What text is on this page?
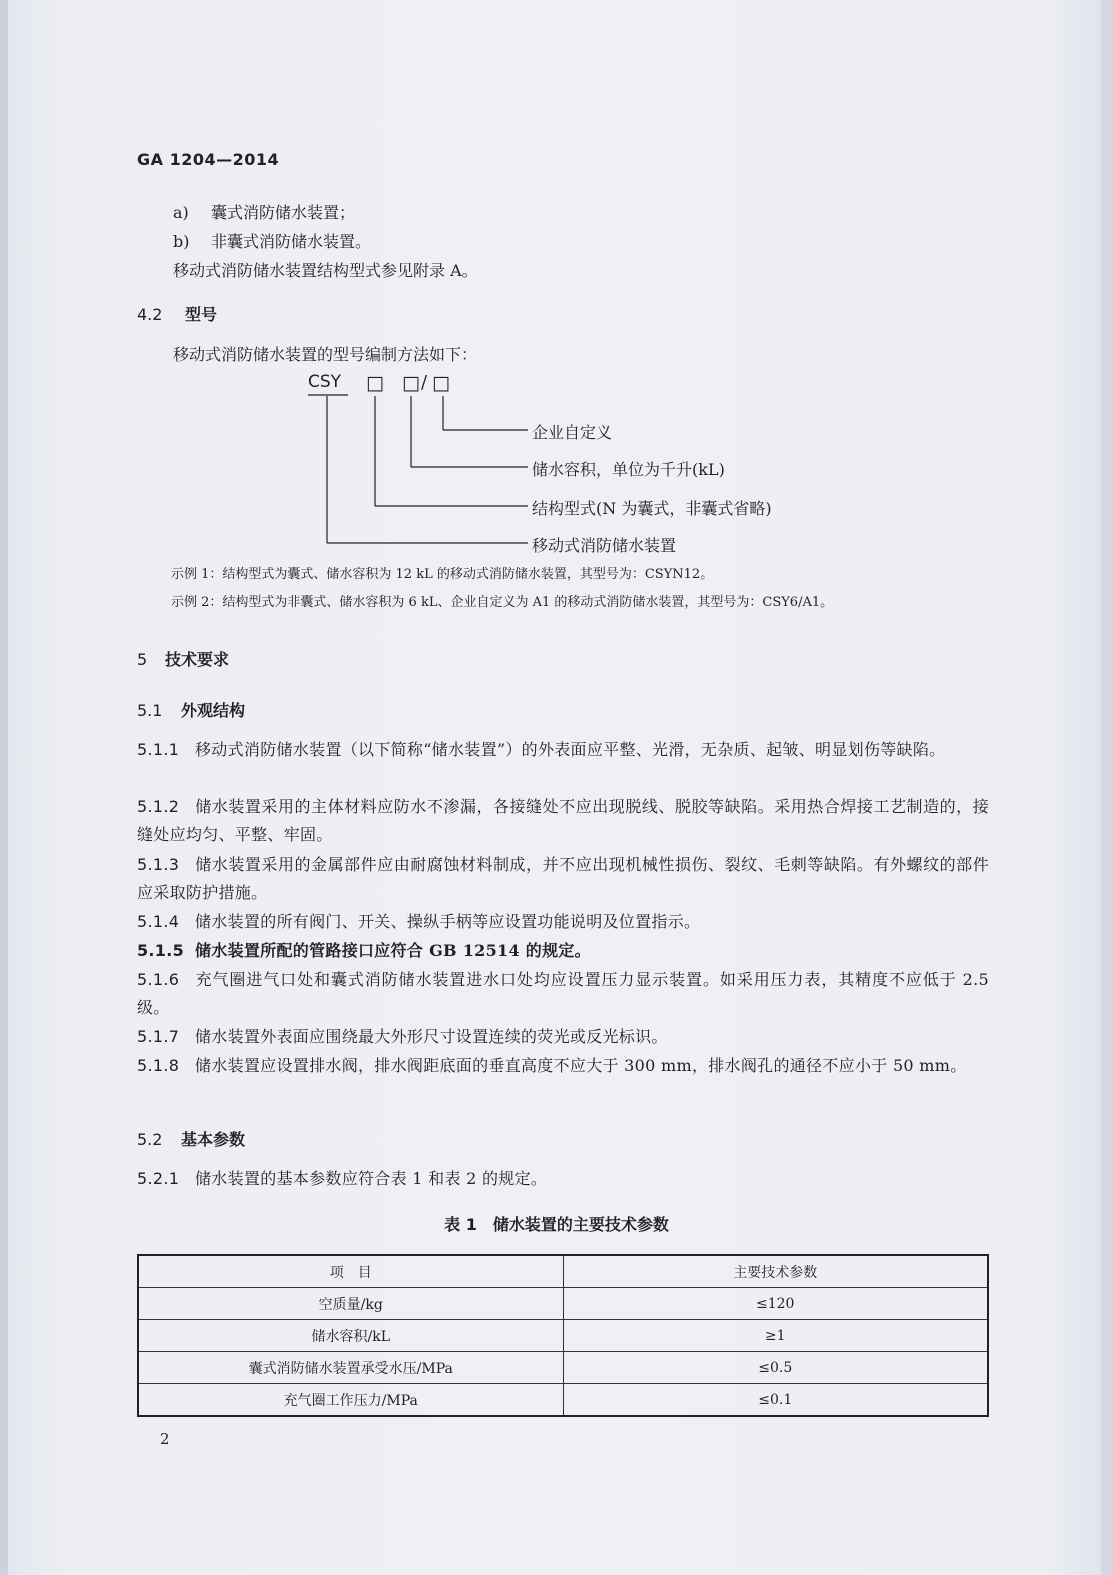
GA 1204—2014
a) 囊式消防储水装置；
b) 非囊式消防储水装置。
移动式消防储水装置结构型式参见附录 A。
4.2 型号
移动式消防储水装置的型号编制方法如下：
CSY □ □ / □
企业自定义
储水容积，单位为千升(kL)
结构型式(N 为囊式，非囊式省略)
移动式消防储水装置
示例 1：结构型式为囊式、储水容积为 12 kL 的移动式消防储水装置，其型号为：CSYN12。
示例 2：结构型式为非囊式、储水容积为 6 kL、企业自定义为 A1 的移动式消防储水装置，其型号为：CSY6/A1。
5 技术要求
5.1 外观结构
5.1.1 移动式消防储水装置（以下简称“储水装置”）的外表面应平整、光滑，无杂质、起皱、明显划伤等缺陷。
5.1.2 储水装置采用的主体材料应防水不渗漏，各接缝处不应出现脱线、脱胶等缺陷。采用热合焊接工艺制造的，接缝处应均匀、平整、牢固。
5.1.3 储水装置采用的金属部件应由耐腐蚀材料制成，并不应出现机械性损伤、裂纹、毛刺等缺陷。有外螺纹的部件应采取防护措施。
5.1.4 储水装置的所有阀门、开关、操纵手柄等应设置功能说明及位置指示。
5.1.5 储水装置所配的管路接口应符合 GB 12514 的规定。
5.1.6 充气圈进气口处和囊式消防储水装置进水口处均应设置压力显示装置。如采用压力表，其精度不应低于 2.5 级。
5.1.7 储水装置外表面应围绕最大外形尺寸设置连续的荧光或反光标识。
5.1.8 储水装置应设置排水阀，排水阀距底面的垂直高度不应大于 300 mm，排水阀孔的通径不应小于 50 mm。
5.2 基本参数
5.2.1 储水装置的基本参数应符合表 1 和表 2 的规定。
表 1　储水装置的主要技术参数
项　目	主要技术参数
空质量/kg	≤120
储水容积/kL	≥1
囊式消防储水装置承受水压/MPa	≤0.5
充气圈工作压力/MPa	≤0.1
2
